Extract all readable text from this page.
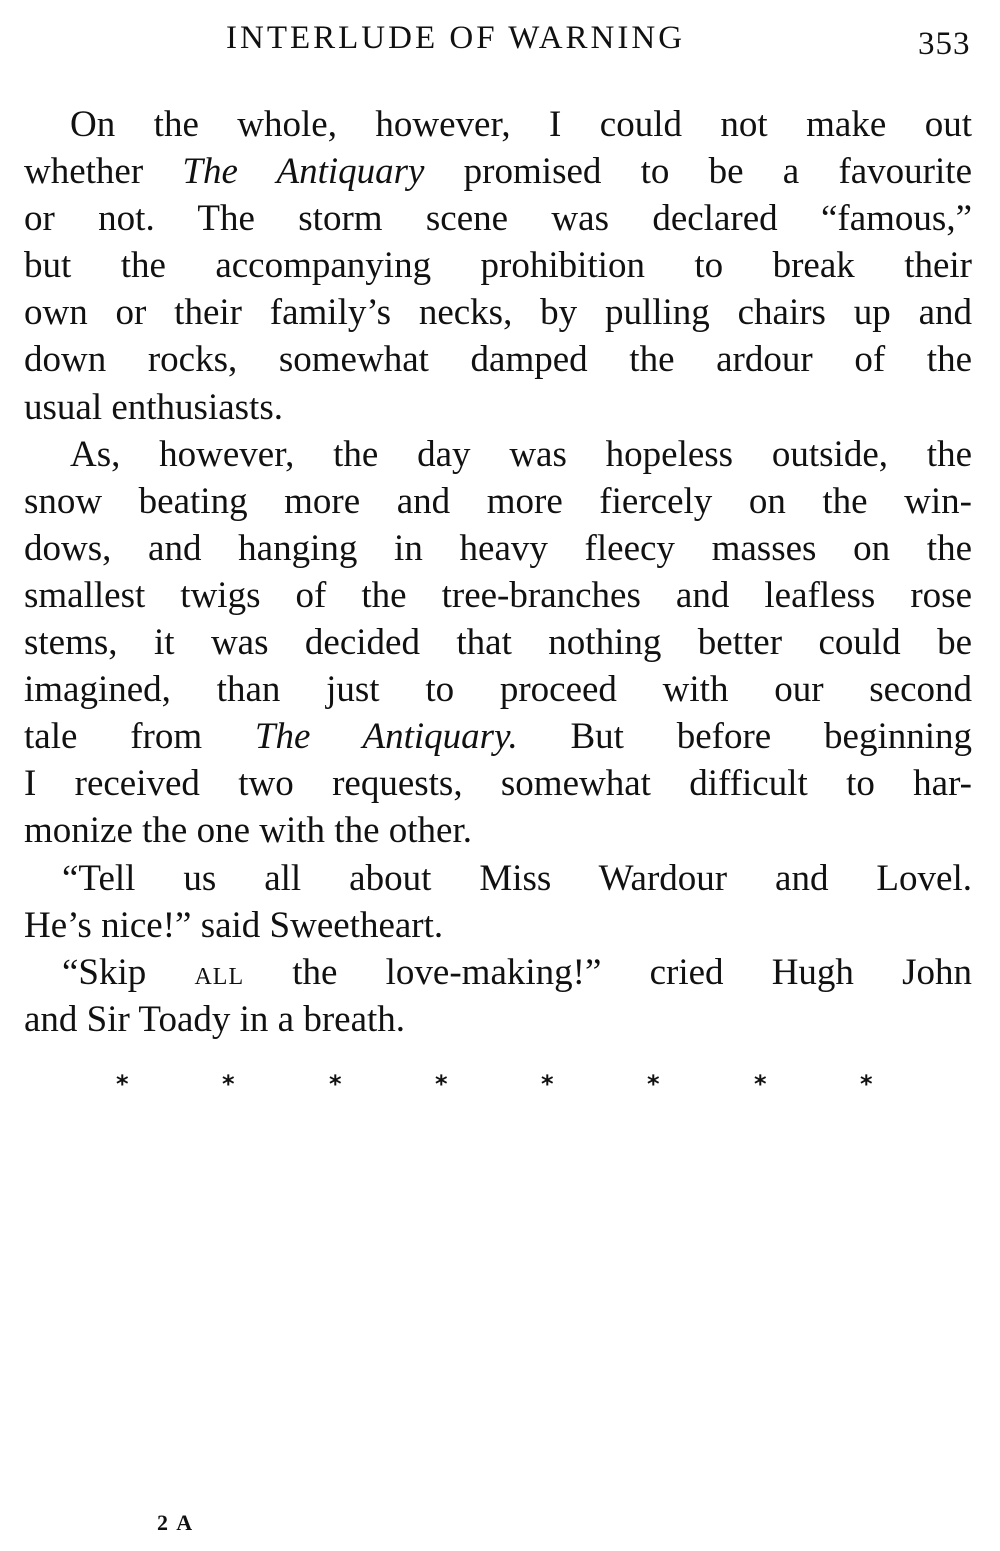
INTERLUDE OF WARNING	353
On the whole, however, I could not make out
whether The Antiquary promised to be a favourite
or not. The storm scene was declared “famous,”
but the accompanying prohibition to break their
own or their family’s necks, by pulling chairs up and
down rocks, somewhat damped the ardour of the
usual enthusiasts.
As, however, the day was hopeless outside, the
snow beating more and more fiercely on the win-
dows, and hanging in heavy fleecy masses on the
smallest twigs of the tree-branches and leafless rose
stems, it was decided that nothing better could be
imagined, than just to proceed with our second
tale from The Antiquary. But before beginning
I received two requests, somewhat difficult to har-
monize the one with the other.
“Tell us all about Miss Wardour and Lovel.
He’s nice!” said Sweetheart.
“Skip ALL the love-making!” cried Hugh John
and Sir Toady in a breath.
*	*	*	*	*	*	*	*
2 A
